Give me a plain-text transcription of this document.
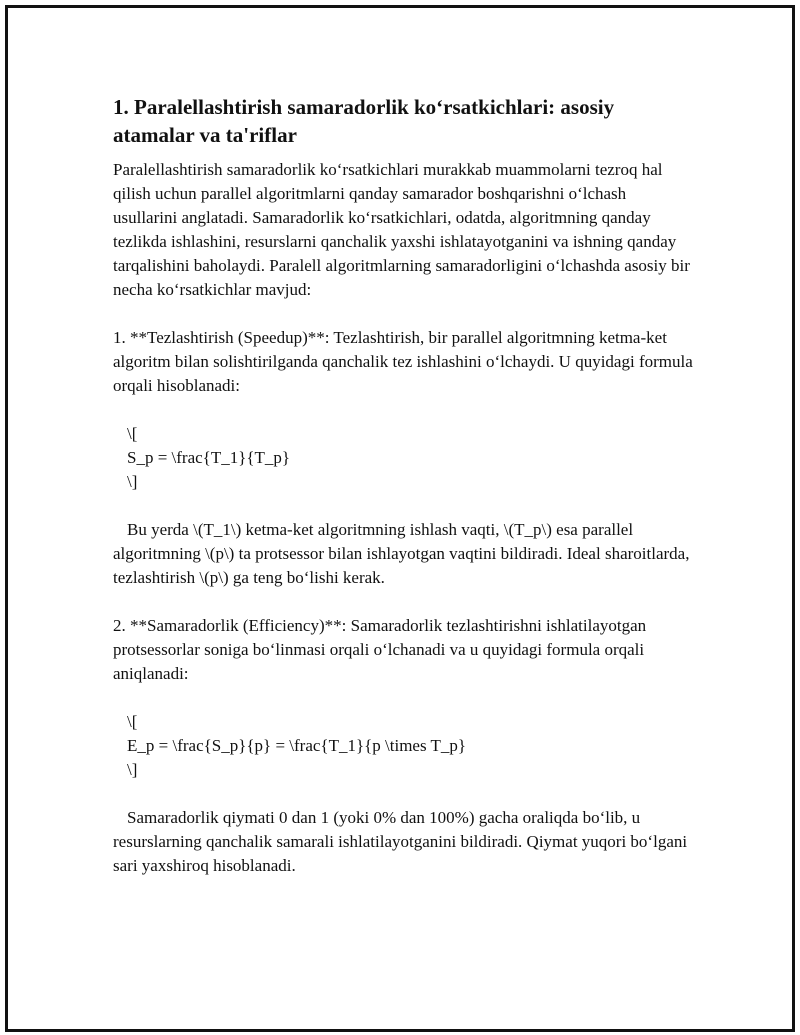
1. Paralellashtirish samaradorlik ko‘rsatkichlari: asosiy atamalar va ta'riflar

Paralellashtirish samaradorlik ko‘rsatkichlari murakkab muammolarni tezroq hal qilish uchun parallel algoritmlarni qanday samarador boshqarishni o‘lchash usullarini anglatadi. Samaradorlik ko‘rsatkichlari, odatda, algoritmning qanday tezlikda ishlashini, resurslarni qanchalik yaxshi ishlatayotganini va ishning qanday tarqalishini baholaydi. Paralell algoritmlarning samaradorligini o‘lchashda asosiy bir necha ko‘rsatkichlar mavjud:

1. **Tezlashtirish (Speedup)**: Tezlashtirish, bir parallel algoritmning ketma-ket algoritm bilan solishtirilganda qanchalik tez ishlashini o‘lchaydi. U quyidagi formula orqali hisoblanadi:

\[

S_p = \frac{T_1}{T_p}

\]

Bu yerda \(T_1\) ketma-ket algoritmning ishlash vaqti, \(T_p\) esa parallel algoritmning \(p\) ta protsessor bilan ishlayotgan vaqtini bildiradi. Ideal sharoitlarda, tezlashtirish \(p\) ga teng bo‘lishi kerak.

2. **Samaradorlik (Efficiency)**: Samaradorlik tezlashtirishni ishlatilayotgan protsessorlar soniga bo‘linmasi orqali o‘lchanadi va u quyidagi formula orqali aniqlanadi:

\[

E_p = \frac{S_p}{p} = \frac{T_1}{p \times T_p}

\]

Samaradorlik qiymati 0 dan 1 (yoki 0% dan 100%) gacha oraliqda bo‘lib, u resurslarning qanchalik samarali ishlatilayotganini bildiradi. Qiymat yuqori bo‘lgani sari yaxshiroq hisoblanadi.
